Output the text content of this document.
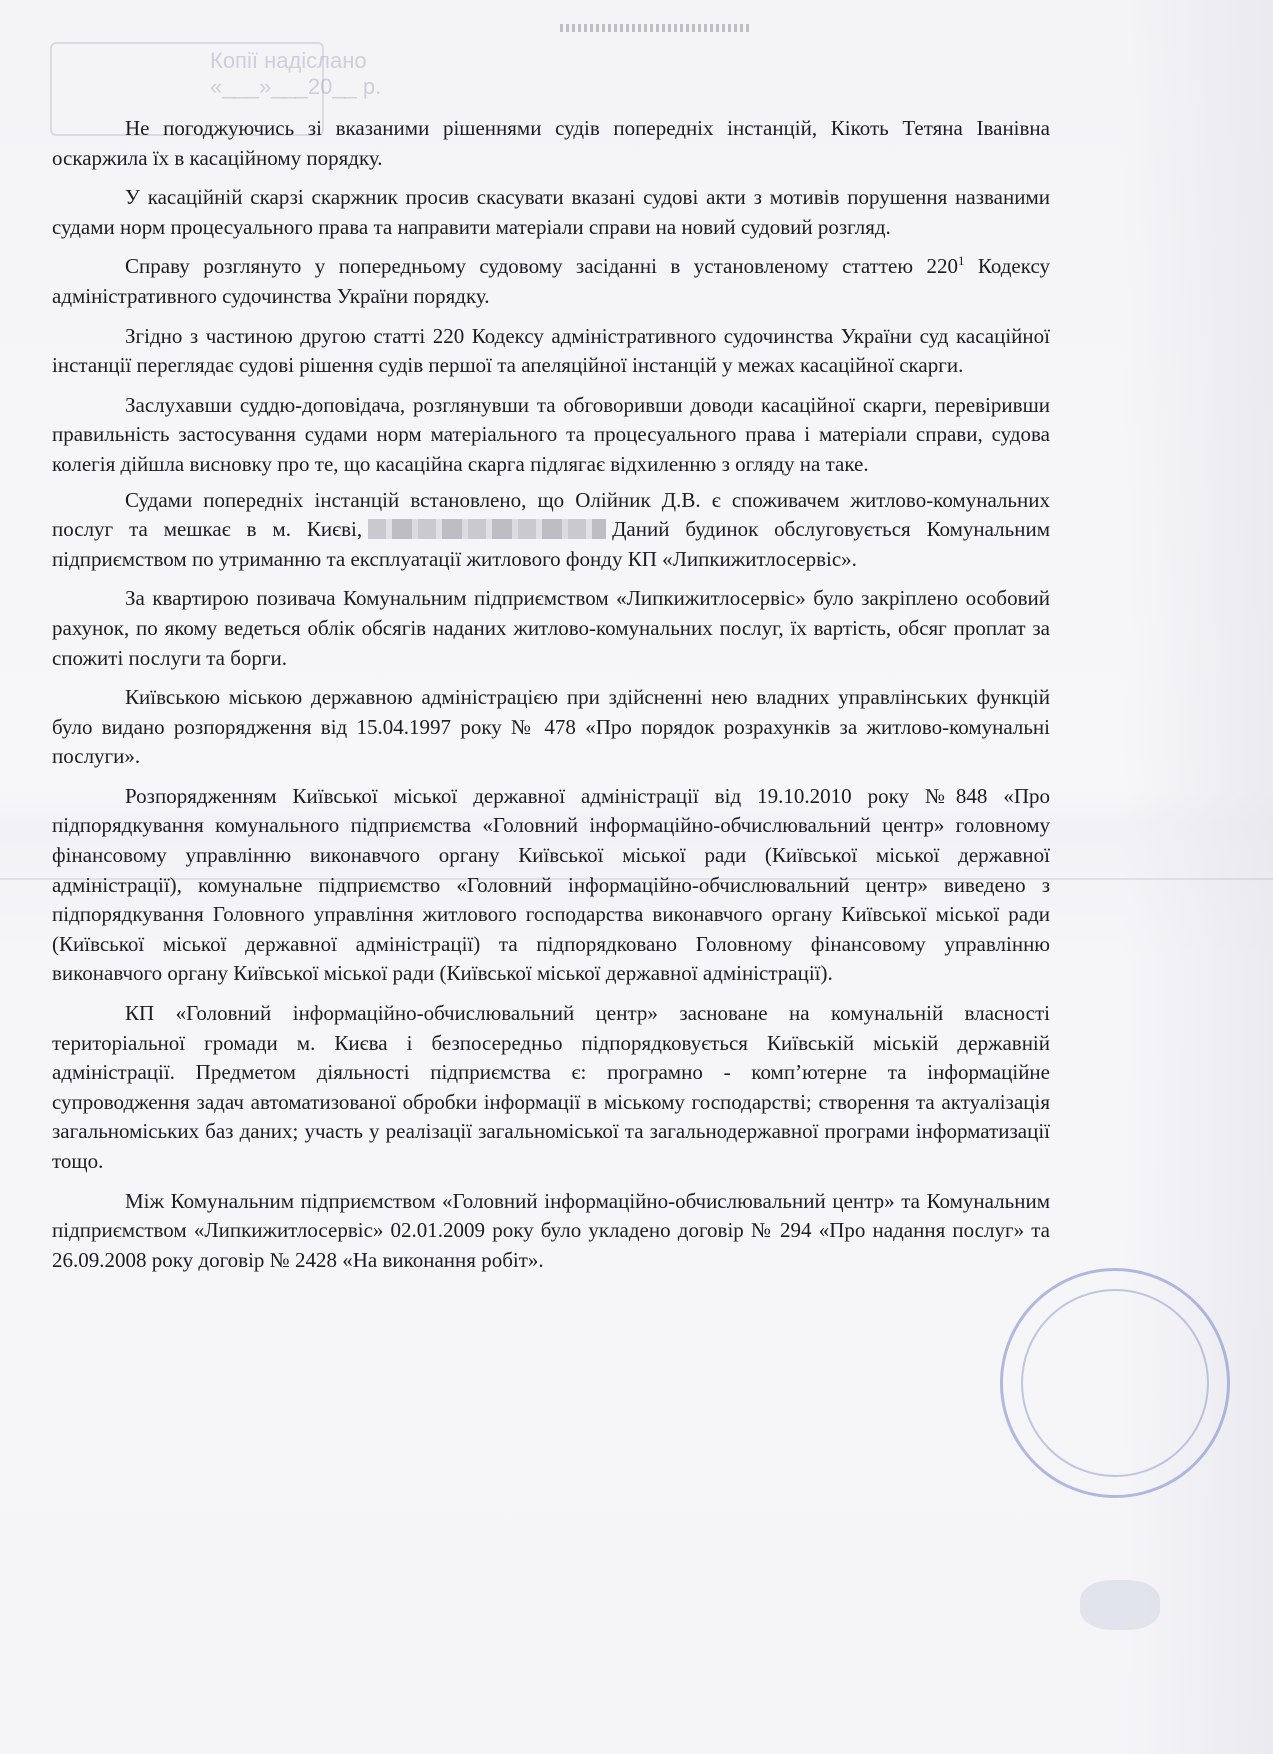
Копії надіслано
«___»___20__ р.

Не погоджуючись зі вказаними рішеннями судів попередніх інстанцій, Кікоть Тетяна Іванівна оскаржила їх в касаційному порядку.

У касаційній скарзі скаржник просив скасувати вказані судові акти з мотивів порушення названими судами норм процесуального права та направити матеріали справи на новий судовий розгляд.

Справу розглянуто у попередньому судовому засіданні в установленому статтею $220^1$ Кодексу адміністративного судочинства України порядку.

Згідно з частиною другою статті 220 Кодексу адміністративного судочинства України суд касаційної інстанції переглядає судові рішення судів першої та апеляційної інстанцій у межах касаційної скарги.

Заслухавши суддю-доповідача, розглянувши та обговоривши доводи касаційної скарги, перевіривши правильність застосування судами норм матеріального та процесуального права і матеріали справи, судова колегія дійшла висновку про те, що касаційна скарга підлягає відхиленню з огляду на таке.

Судами попередніх інстанцій встановлено, що Олійник Д.В. є споживачем житлово-комунальних послуг та мешкає в м. Києві,	Даний будинок обслуговується Комунальним підприємством по утриманню та експлуатації житлового фонду КП «Липкижитлосервіс».

За квартирою позивача Комунальним підприємством «Липкижитлосервіс» було закріплено особовий рахунок, по якому ведеться облік обсягів наданих житлово-комунальних послуг, їх вартість, обсяг проплат за спожиті послуги та борги.

Київською міською державною адміністрацією при здійсненні нею владних управлінських функцій було видано розпорядження від 15.04.1997 року № 478 «Про порядок розрахунків за житлово-комунальні послуги».

Розпорядженням Київської міської державної адміністрації від 19.10.2010 року №848 «Про підпорядкування комунального підприємства «Головний інформаційно-обчислювальний центр» головному фінансовому управлінню виконавчого органу Київської міської ради (Київської міської державної адміністрації), комунальне підприємство «Головний інформаційно-обчислювальний центр» виведено з підпорядкування Головного управління житлового господарства виконавчого органу Київської міської ради (Київської міської державної адміністрації) та підпорядковано Головному фінансовому управлінню виконавчого органу Київської міської ради (Київської міської державної адміністрації).

КП «Головний інформаційно-обчислювальний центр» засноване на комунальній власності територіальної громади м. Києва і безпосередньо підпорядковується Київській міській державній адміністрації. Предметом діяльності підприємства є: програмно - комп’ютерне та інформаційне супроводження задач автоматизованої обробки інформації в міському господарстві; створення та актуалізація загальноміських баз даних; участь у реалізації загальноміської та загальнодержавної програми інформатизації тощо.

Між Комунальним підприємством «Головний інформаційно-обчислювальний центр» та Комунальним підприємством «Липкижитлосервіс» 02.01.2009 року було укладено договір № 294 «Про надання послуг» та 26.09.2008 року договір № 2428 «На виконання робіт».
